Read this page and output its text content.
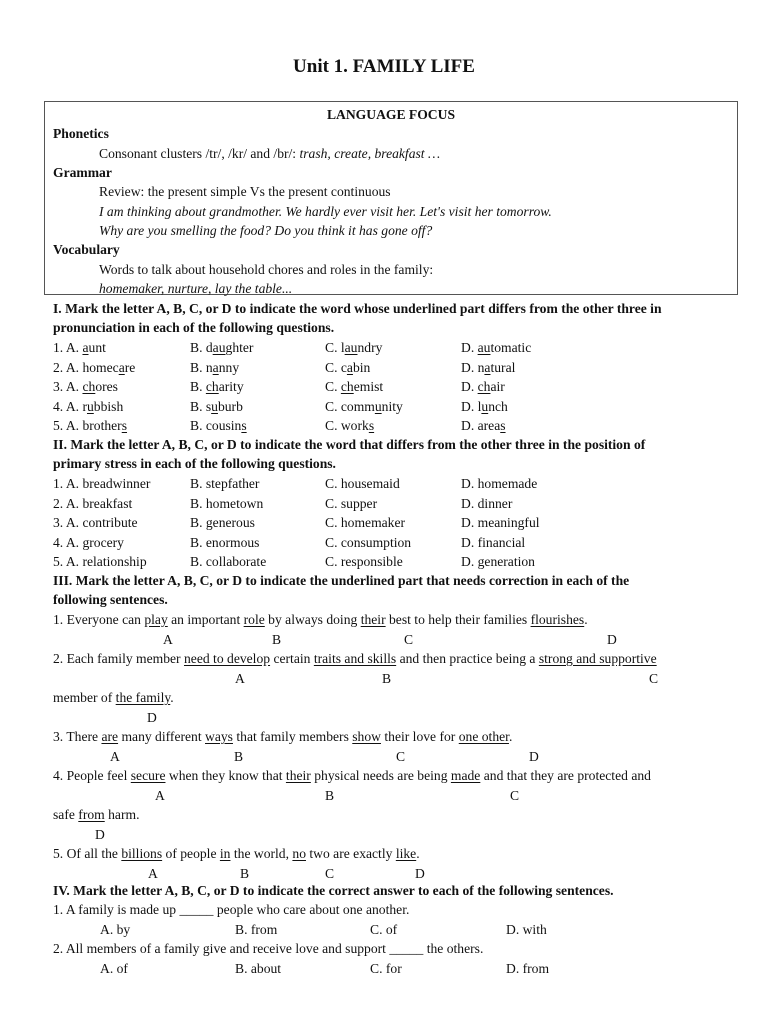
Unit 1. FAMILY LIFE
LANGUAGE FOCUS
Phonetics
Consonant clusters /tr/, /kr/ and /br/: trash, create, breakfast …
Grammar
Review: the present simple Vs the present continuous
I am thinking about grandmother. We hardly ever visit her. Let's visit her tomorrow.
Why are you smelling the food? Do you think it has gone off?
Vocabulary
Words to talk about household chores and roles in the family:
homemaker, nurture, lay the table...
I. Mark the letter A, B, C, or D to indicate the word whose underlined part differs from the other three in
pronunciation in each of the following questions.
1. A. aunt	B. daughter	C. laundry	D. automatic
2. A. homecare	B. nanny	C. cabin	D. natural
3. A. chores	B. charity	C. chemist	D. chair
4. A. rubbish	B. suburb	C. community	D. lunch
5. A. brothers	B. cousins	C. works	D. areas
II. Mark the letter A, B, C, or D to indicate the word that differs from the other three in the position of
primary stress in each of the following questions.
1. A. breadwinner	B. stepfather	C. housemaid	D. homemade
2. A. breakfast	B. hometown	C. supper	D. dinner
3. A. contribute	B. generous	C. homemaker	D. meaningful
4. A. grocery	B. enormous	C. consumption	D. financial
5. A. relationship	B. collaborate	C. responsible	D. generation
III. Mark the letter A, B, C, or D to indicate the underlined part that needs correction in each of the
following sentences.
1. Everyone can play an important role by always doing their best to help their families flourishes.
A	B	C	D
2. Each family member need to develop certain traits and skills and then practice being a strong and supportive
member of the family.
A	B	C
D
3. There are many different ways that family members show their love for one other.
A	B	C	D
4. People feel secure when they know that their physical needs are being made and that they are protected and
safe from harm.
A	B	C
D
5. Of all the billions of people in the world, no two are exactly like.
A	B	C	D
IV. Mark the letter A, B, C, or D to indicate the correct answer to each of the following sentences.
1. A family is made up _____ people who care about one another.
A. by	B. from	C. of	D. with
2. All members of a family give and receive love and support _____ the others.
A. of	B. about	C. for	D. from
